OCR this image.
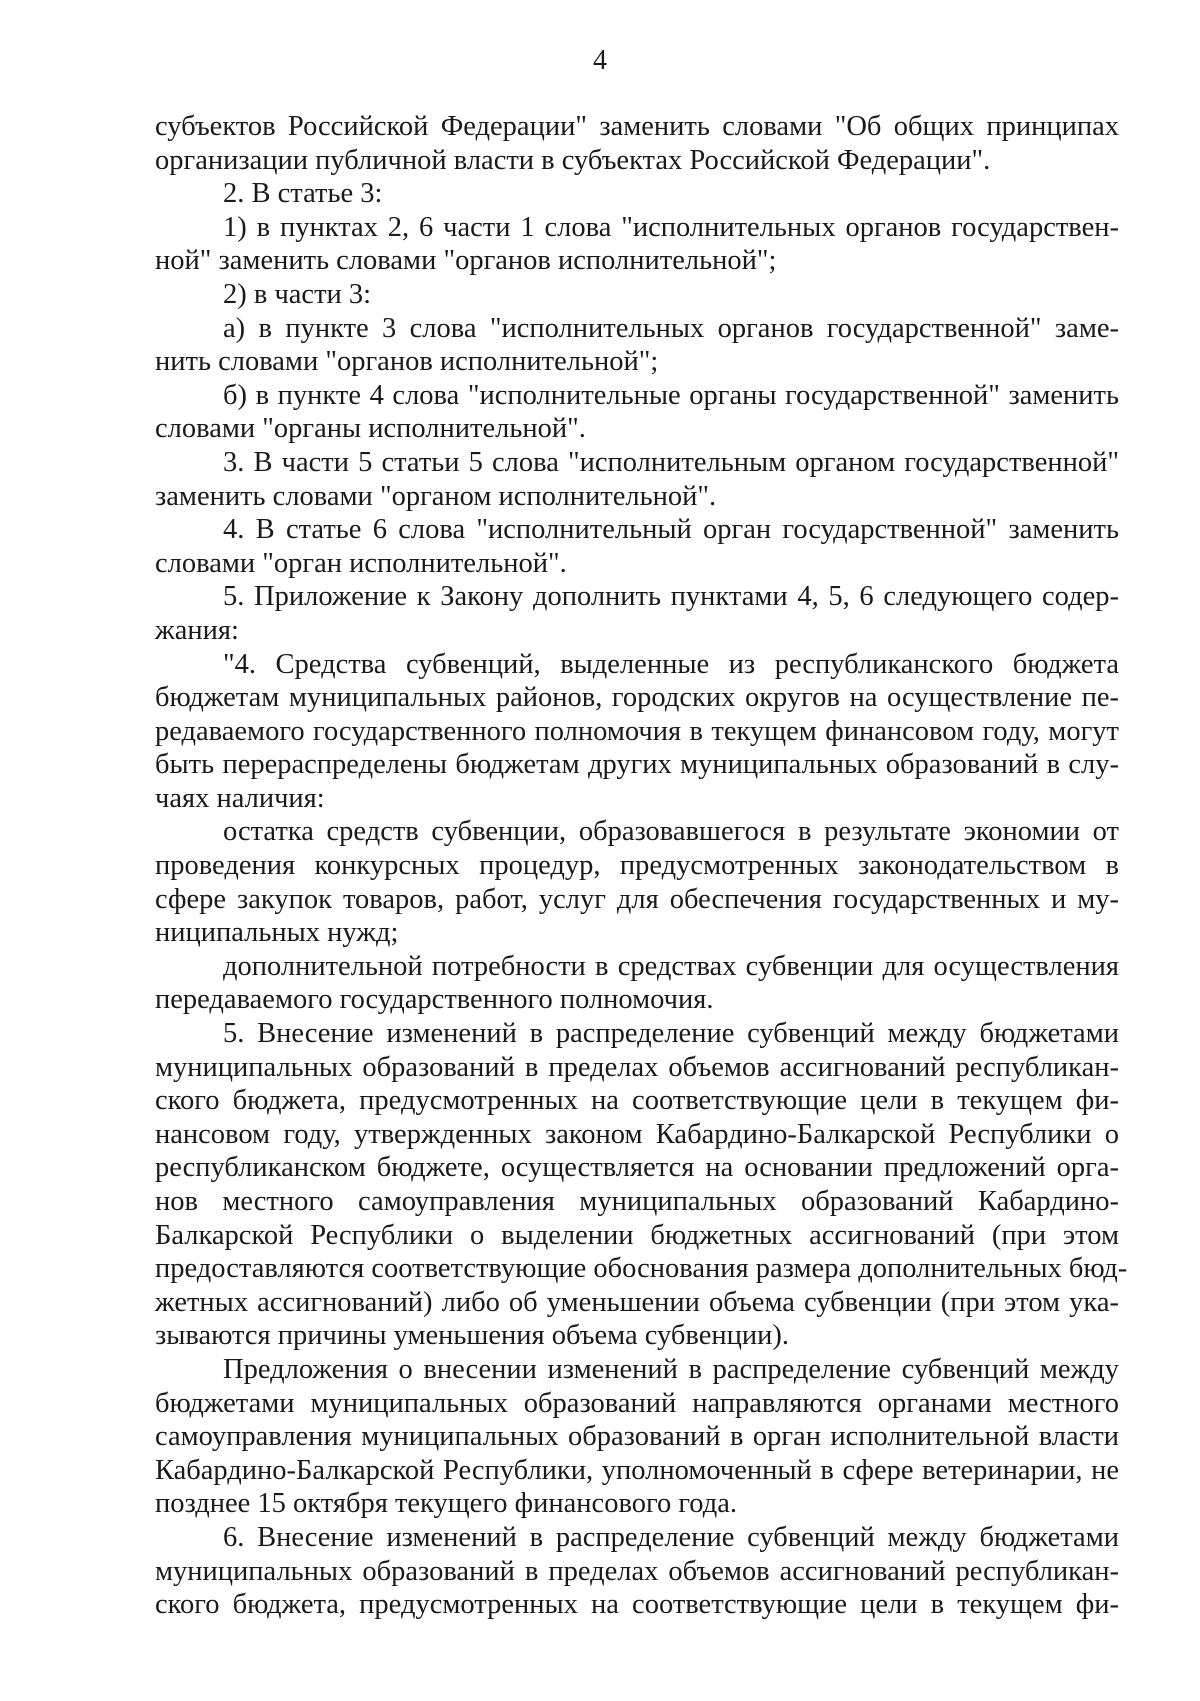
4
субъектов Российской Федерации" заменить словами "Об общих принципах
организации публичной власти в субъектах Российской Федерации".
2. В статье 3:
1) в пунктах 2, 6 части 1 слова "исполнительных органов государствен-
ной" заменить словами "органов исполнительной";
2) в части 3:
а) в пункте 3 слова "исполнительных органов государственной" заме-
нить словами "органов исполнительной";
б) в пункте 4 слова "исполнительные органы государственной" заменить
словами "органы исполнительной".
3. В части 5 статьи 5 слова "исполнительным органом государственной"
заменить словами "органом исполнительной".
4. В статье 6 слова "исполнительный орган государственной" заменить
словами "орган исполнительной".
5. Приложение к Закону дополнить пунктами 4, 5, 6 следующего содер-
жания:
"4. Средства субвенций, выделенные из республиканского бюджета
бюджетам муниципальных районов, городских округов на осуществление пе-
редаваемого государственного полномочия в текущем финансовом году, могут
быть перераспределены бюджетам других муниципальных образований в слу-
чаях наличия:
остатка средств субвенции, образовавшегося в результате экономии от
проведения конкурсных процедур, предусмотренных законодательством в
сфере закупок товаров, работ, услуг для обеспечения государственных и му-
ниципальных нужд;
дополнительной потребности в средствах субвенции для осуществления
передаваемого государственного полномочия.
5. Внесение изменений в распределение субвенций между бюджетами
муниципальных образований в пределах объемов ассигнований республикан-
ского бюджета, предусмотренных на соответствующие цели в текущем фи-
нансовом году, утвержденных законом Кабардино-Балкарской Республики о
республиканском бюджете, осуществляется на основании предложений орга-
нов местного самоуправления муниципальных образований Кабардино-
Балкарской Республики о выделении бюджетных ассигнований (при этом
предоставляются соответствующие обоснования размера дополнительных бюд-
жетных ассигнований) либо об уменьшении объема субвенции (при этом ука-
зываются причины уменьшения объема субвенции).
Предложения о внесении изменений в распределение субвенций между
бюджетами муниципальных образований направляются органами местного
самоуправления муниципальных образований в орган исполнительной власти
Кабардино-Балкарской Республики, уполномоченный в сфере ветеринарии, не
позднее 15 октября текущего финансового года.
6. Внесение изменений в распределение субвенций между бюджетами
муниципальных образований в пределах объемов ассигнований республикан-
ского бюджета, предусмотренных на соответствующие цели в текущем фи-
